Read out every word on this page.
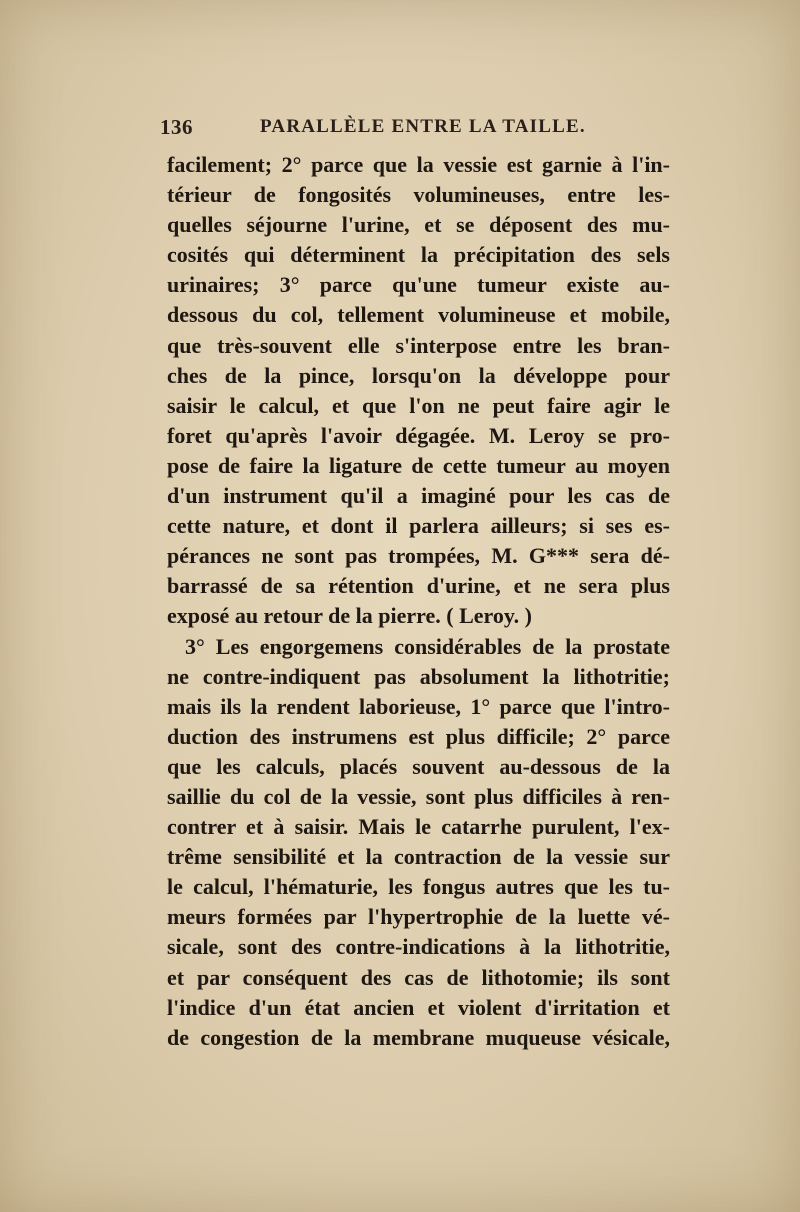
136	PARALLÈLE ENTRE LA TAILLE.
facilement; 2° parce que la vessie est garnie à l'in-
térieur de fongosités volumineuses, entre les-
quelles séjourne l'urine, et se déposent des mu-
cosités qui déterminent la précipitation des sels
urinaires; 3° parce qu'une tumeur existe au-
dessous du col, tellement volumineuse et mobile,
que très-souvent elle s'interpose entre les bran-
ches de la pince, lorsqu'on la développe pour
saisir le calcul, et que l'on ne peut faire agir le
foret qu'après l'avoir dégagée. M. Leroy se pro-
pose de faire la ligature de cette tumeur au moyen
d'un instrument qu'il a imaginé pour les cas de
cette nature, et dont il parlera ailleurs; si ses es-
pérances ne sont pas trompées, M. G*** sera dé-
barrassé de sa rétention d'urine, et ne sera plus
exposé au retour de la pierre. ( Leroy. )
3° Les engorgemens considérables de la prostate
ne contre-indiquent pas absolument la lithotritie;
mais ils la rendent laborieuse, 1° parce que l'intro-
duction des instrumens est plus difficile; 2° parce
que les calculs, placés souvent au-dessous de la
saillie du col de la vessie, sont plus difficiles à ren-
contrer et à saisir. Mais le catarrhe purulent, l'ex-
trême sensibilité et la contraction de la vessie sur
le calcul, l'hématurie, les fongus autres que les tu-
meurs formées par l'hypertrophie de la luette vé-
sicale, sont des contre-indications à la lithotritie,
et par conséquent des cas de lithotomie; ils sont
l'indice d'un état ancien et violent d'irritation et
de congestion de la membrane muqueuse vésicale,
